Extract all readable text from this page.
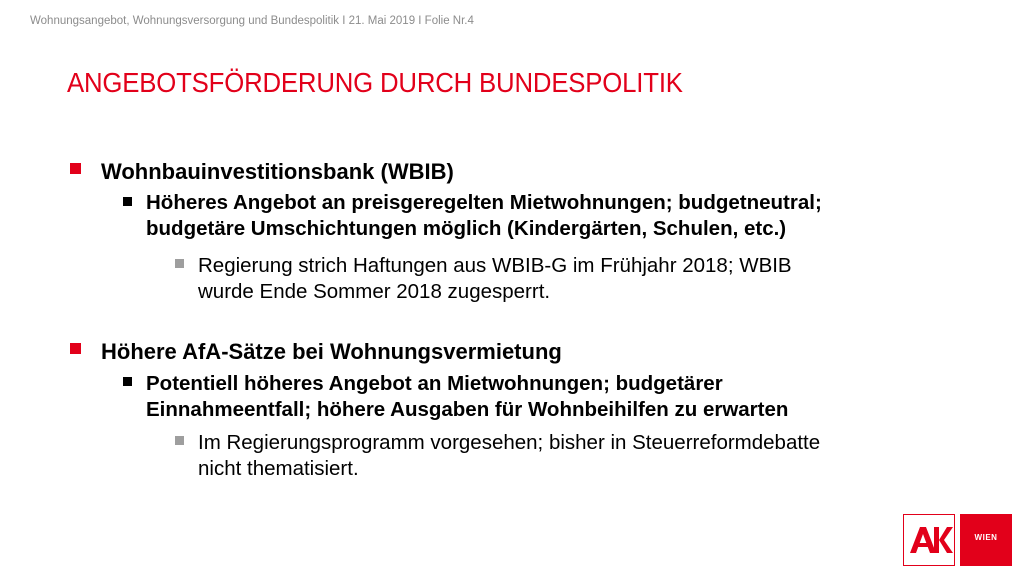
Wohnungsangebot, Wohnungsversorgung und Bundespolitik I 21. Mai 2019 I Folie Nr.4
ANGEBOTSFÖRDERUNG DURCH BUNDESPOLITIK
Wohnbauinvestitionsbank (WBIB)
Höheres Angebot an preisgeregelten Mietwohnungen; budgetneutral;
budgetäre Umschichtungen möglich (Kindergärten, Schulen, etc.)
Regierung strich Haftungen aus WBIB-G im Frühjahr 2018; WBIB
wurde Ende Sommer 2018 zugesperrt.
Höhere AfA-Sätze bei Wohnungsvermietung
Potentiell höheres Angebot an Mietwohnungen; budgetärer
Einnahmeentfall; höhere Ausgaben für Wohnbeihilfen zu erwarten
Im Regierungsprogramm vorgesehen; bisher in Steuerreformdebatte
nicht thematisiert.
WIEN
